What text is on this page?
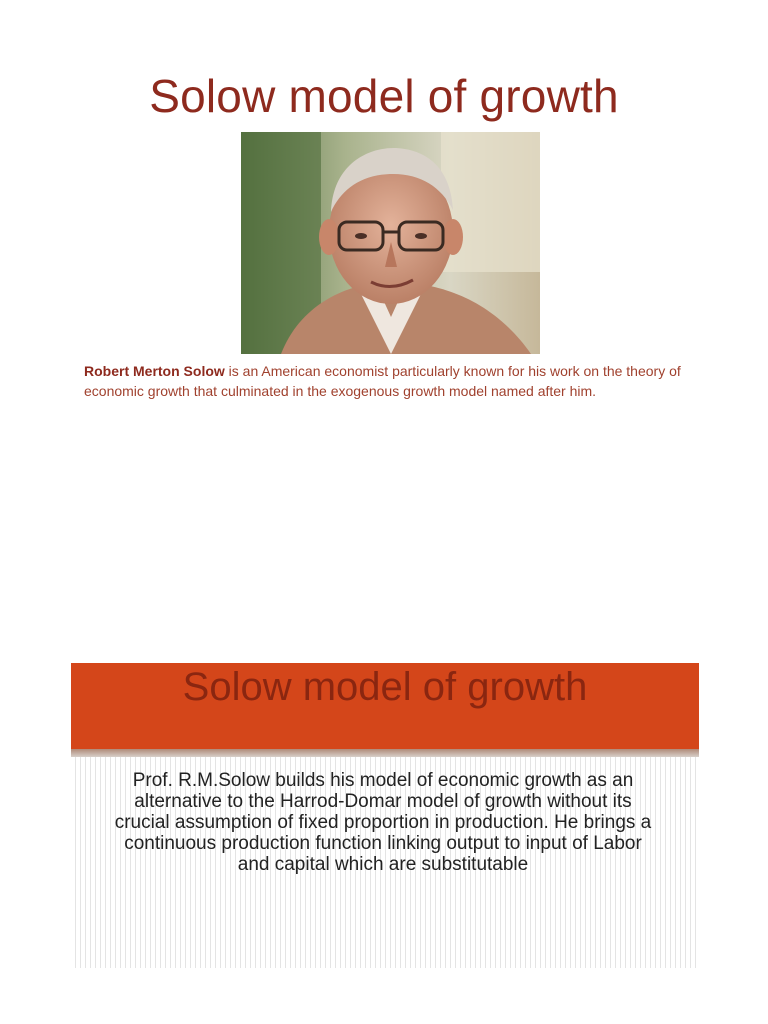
Solow model of growth
Robert Merton Solow is an American economist particularly known for his work on the theory of economic growth that culminated in the exogenous growth model named after him.
Solow model of growth
Prof. R.M.Solow builds his model of economic growth as an alternative to the Harrod-Domar model of growth without its crucial assumption of fixed proportion in production. He brings a continuous production function linking output to input of Labor and capital which are substitutable
